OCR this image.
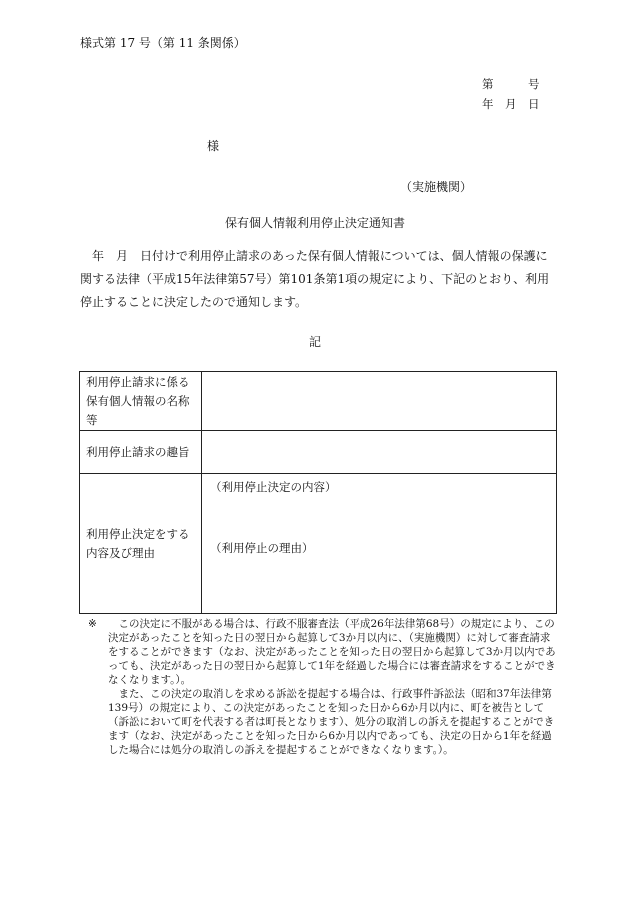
様式第 17 号（第 11 条関係）
第　　　号
年　月　日
様
（実施機関）
保有個人情報利用停止決定通知書
　年　月　日付けで利用停止請求のあった保有個人情報については、個人情報の保護に関する法律（平成15年法律第57号）第101条第1項の規定により、下記のとおり、利用停止することに決定したので通知します。
記
利用停止請求に係る保有個人情報の名称等	
利用停止請求の趣旨	
利用停止決定をする内容及び理由	（利用停止決定の内容）
（利用停止の理由）
※	この決定に不服がある場合は、行政不服審査法（平成26年法律第68号）の規定により、この決定があったことを知った日の翌日から起算して3か月以内に、（実施機関）に対して審査請求をすることができます（なお、決定があったことを知った日の翌日から起算して3か月以内であっても、決定があった日の翌日から起算して1年を経過した場合には審査請求をすることができなくなります。）。

また、この決定の取消しを求める訴訟を提起する場合は、行政事件訴訟法（昭和37年法律第139号）の規定により、この決定があったことを知った日から6か月以内に、町を被告として（訴訟において町を代表する者は町長となります）、処分の取消しの訴えを提起することができます（なお、決定があったことを知った日から6か月以内であっても、決定の日から1年を経過した場合には処分の取消しの訴えを提起することができなくなります。）。
